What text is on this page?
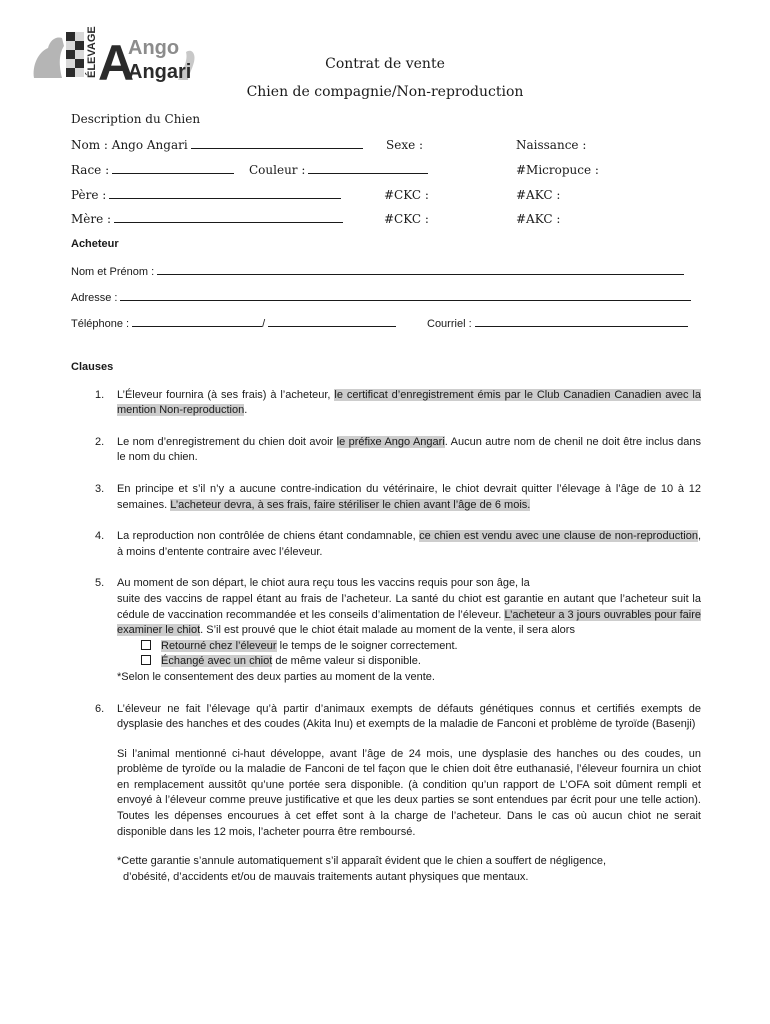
ÉLEVAGE A
Ango
Angari	Contrat de vente
Chien de compagnie/Non-reproduction
Description du Chien
Nom : Ango Angari	Sexe :	Naissance :
Race :	Couleur :	#Micropuce :
Père :	#CKC :	#AKC :
Mère :	#CKC :	#AKC :
Acheteur
Nom et Prénom :
Adresse :
Téléphone :	/	Courriel :
Clauses
1. L’Éleveur fournira (à ses frais) à l’acheteur, le certificat d’enregistrement émis par le Club Canadien Canadien avec la mention Non-reproduction.

2. Le nom d’enregistrement du chien doit avoir le préfixe Ango Angari. Aucun autre nom de chenil ne doit être inclus dans le nom du chien.

3. En principe et s’il n’y a aucune contre-indication du vétérinaire, le chiot devrait quitter l’élevage à l’âge de 10 à 12 semaines. L’acheteur devra, à ses frais, faire stériliser le chien avant l’âge de 6 mois.

4. La reproduction non contrôlée de chiens étant condamnable, ce chien est vendu avec une clause de non-reproduction, à moins d’entente contraire avec l’éleveur.

5. Au moment de son départ, le chiot aura reçu tous les vaccins requis pour son âge, la

suite des vaccins de rappel étant au frais de l’acheteur. La santé du chiot est garantie en autant que l’acheteur suit la cédule de vaccination recommandée et les conseils d’alimentation de l’éleveur. L’acheteur a 3 jours ouvrables pour faire examiner le chiot. S’il est prouvé que le chiot était malade au moment de la vente, il sera alors

Retourné chez l’éleveur le temps de le soigner correctement.
Échangé avec un chiot de même valeur si disponible.

*Selon le consentement des deux parties au moment de la vente.

6. L’éleveur ne fait l’élevage qu’à partir d’animaux exempts de défauts génétiques connus et certifiés exempts de dysplasie des hanches et des coudes (Akita Inu) et exempts de la maladie de Fanconi et problème de tyroïde (Basenji)

Si l’animal mentionné ci-haut développe, avant l’âge de 24 mois, une dysplasie des hanches ou des coudes, un problème de tyroïde ou la maladie de Fanconi de tel façon que le chien doit être euthanasié, l’éleveur fournira un chiot en remplacement aussitôt qu’une portée sera disponible. (à condition qu’un rapport de L’OFA soit dûment rempli et envoyé à l’éleveur comme preuve justificative et que les deux parties se sont entendues par écrit pour une telle action). Toutes les dépenses encourues à cet effet sont à la charge de l’acheteur. Dans le cas où aucun chiot ne serait disponible dans les 12 mois, l’acheter pourra être remboursé.

*Cette garantie s’annule automatiquement s’il apparaît évident que le chien a souffert de négligence,

d’obésité, d’accidents et/ou de mauvais traitements autant physiques que mentaux.
